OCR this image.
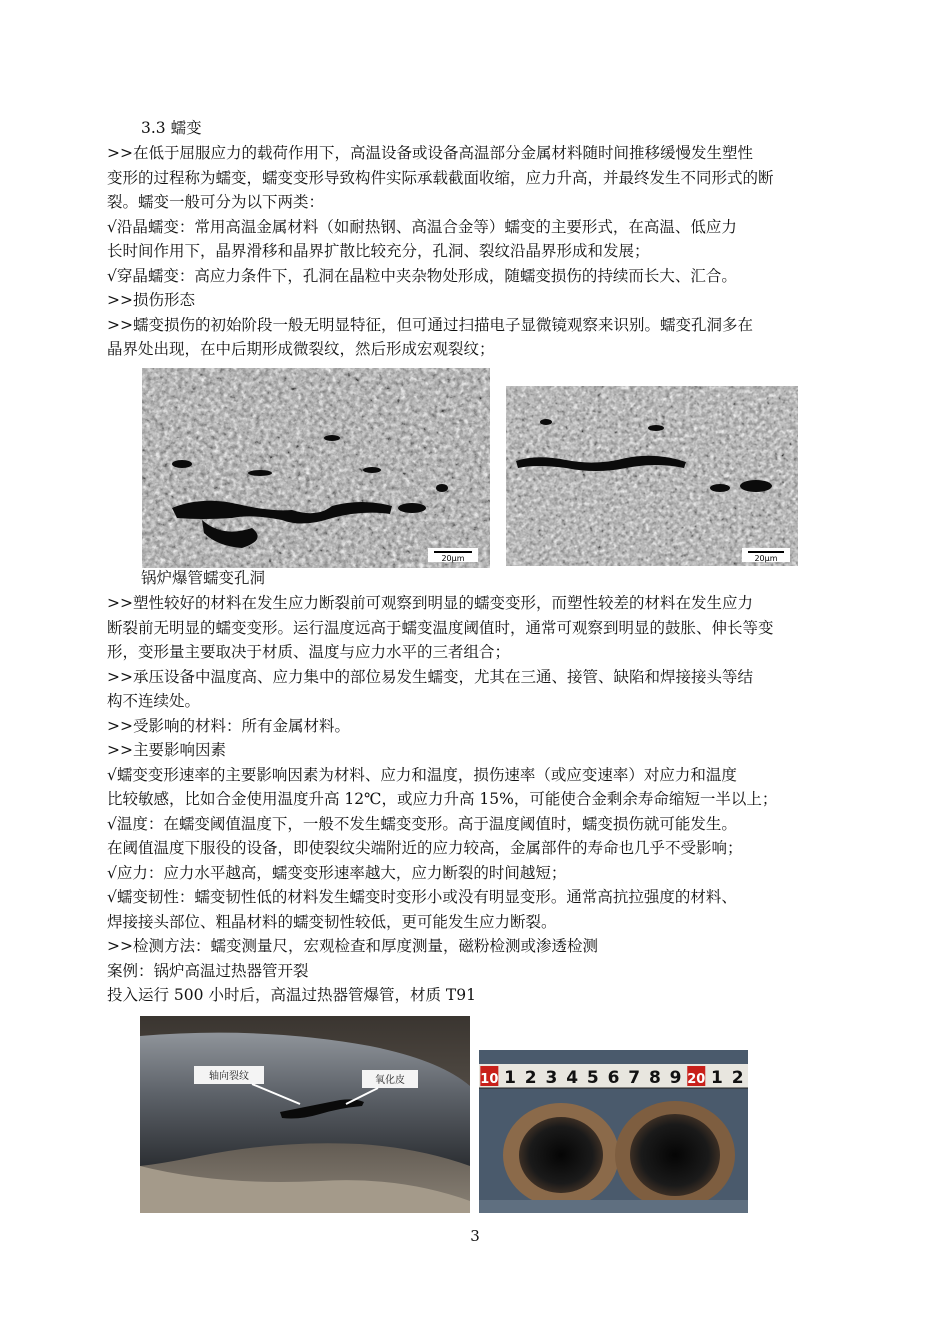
3.3 蠕变
>>在低于屈服应力的载荷作用下，高温设备或设备高温部分金属材料随时间推移缓慢发生塑性
变形的过程称为蠕变，蠕变变形导致构件实际承载截面收缩，应力升高，并最终发生不同形式的断
裂。蠕变一般可分为以下两类：
√沿晶蠕变：常用高温金属材料（如耐热钢、高温合金等）蠕变的主要形式，在高温、低应力
长时间作用下，晶界滑移和晶界扩散比较充分，孔洞、裂纹沿晶界形成和发展；
√穿晶蠕变：高应力条件下，孔洞在晶粒中夹杂物处形成，随蠕变损伤的持续而长大、汇合。
>>损伤形态
>>蠕变损伤的初始阶段一般无明显特征，但可通过扫描电子显微镜观察来识别。蠕变孔洞多在
晶界处出现，在中后期形成微裂纹，然后形成宏观裂纹；
20μm	20μm
锅炉爆管蠕变孔洞
>>塑性较好的材料在发生应力断裂前可观察到明显的蠕变变形，而塑性较差的材料在发生应力
断裂前无明显的蠕变变形。运行温度远高于蠕变温度阈值时，通常可观察到明显的鼓胀、伸长等变
形，变形量主要取决于材质、温度与应力水平的三者组合；
>>承压设备中温度高、应力集中的部位易发生蠕变，尤其在三通、接管、缺陷和焊接接头等结
构不连续处。
>>受影响的材料：所有金属材料。
>>主要影响因素
√蠕变变形速率的主要影响因素为材料、应力和温度，损伤速率（或应变速率）对应力和温度
比较敏感，比如合金使用温度升高 12℃，或应力升高 15%，可能使合金剩余寿命缩短一半以上；
√温度：在蠕变阈值温度下，一般不发生蠕变变形。高于温度阈值时，蠕变损伤就可能发生。
在阈值温度下服役的设备，即使裂纹尖端附近的应力较高，金属部件的寿命也几乎不受影响；
√应力：应力水平越高，蠕变变形速率越大，应力断裂的时间越短；
√蠕变韧性：蠕变韧性低的材料发生蠕变时变形小或没有明显变形。通常高抗拉强度的材料、
焊接接头部位、粗晶材料的蠕变韧性较低，更可能发生应力断裂。
>>检测方法：蠕变测量尺，宏观检查和厚度测量，磁粉检测或渗透检测
案例：锅炉高温过热器管开裂
投入运行 500 小时后，高温过热器管爆管，材质 T91
轴向裂纹	氧化皮	10 1 2 3 4 5 6 7 8 9 20 1 2
3
